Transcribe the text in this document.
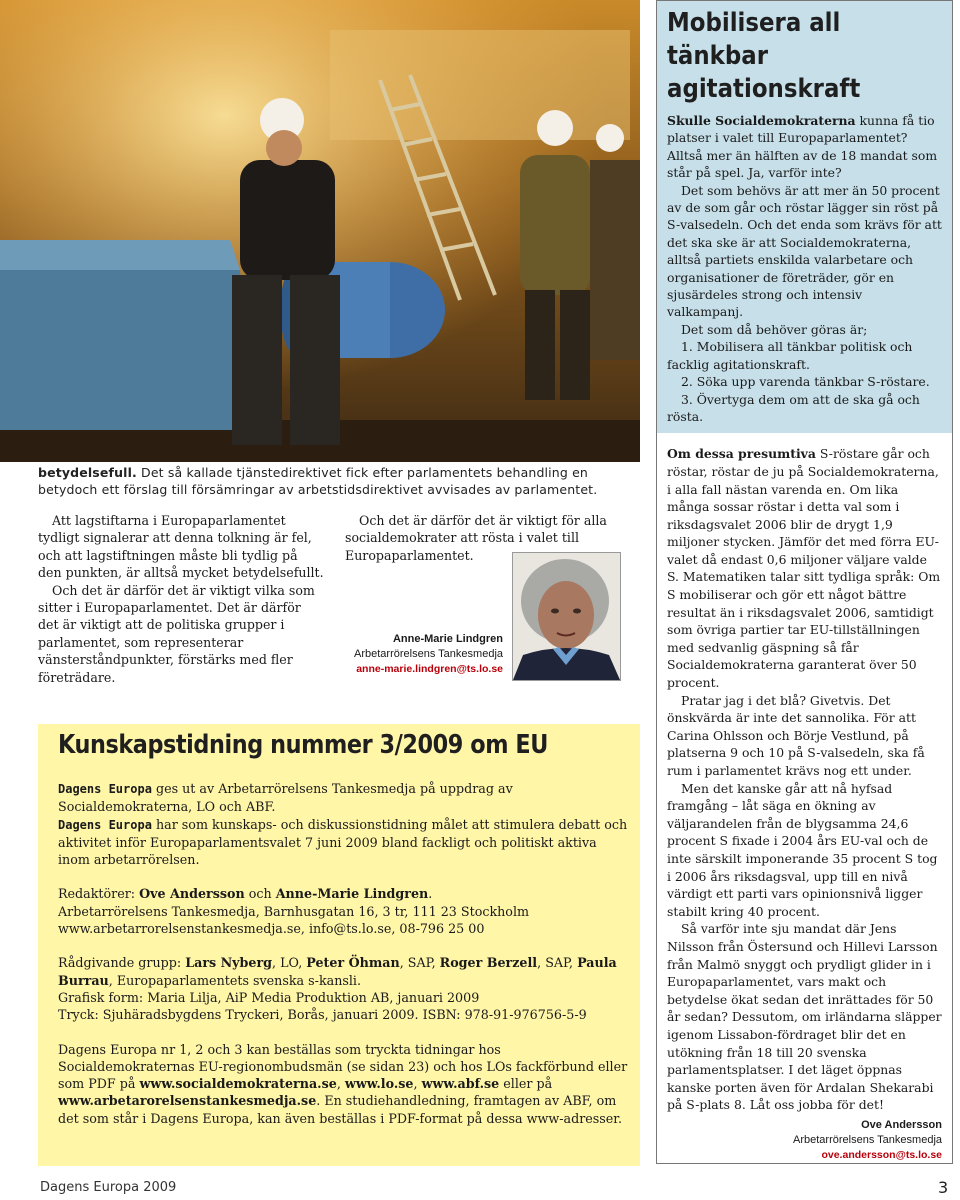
betydelsefull. Det så kallade tjänstedirektivet fick efter parlamentets behandling en betydoch ett förslag till försämringar av arbetstidsdirektivet avvisades av parlamentet.

Att lagstiftarna i Europaparlamentet tydligt signalerar att denna tolkning är fel, och att lagstiftningen måste bli tydlig på den punkten, är alltså mycket betydelsefullt.

Och det är därför det är viktigt vilka som sitter i Europaparlamentet. Det är därför det är viktigt att de politiska grupper i parlamentet, som representerar vänsterståndpunkter, förstärks med fler företrädare.

Och det är därför det är viktigt för alla socialdemokrater att rösta i valet till Europaparlamentet.

Anne-Marie Lindgren
Arbetarrörelsens Tankesmedja
anne-marie.lindgren@ts.lo.se
Kunskapstidning nummer 3/2009 om EU

Dagens Europa ges ut av Arbetarrörelsens Tankesmedja på uppdrag av Socialdemokraterna, LO och ABF.

Dagens Europa har som kunskaps- och diskussionstidning målet att stimulera debatt och aktivitet inför Europaparlamentsvalet 7 juni 2009 bland fackligt och politiskt aktiva inom arbetarrörelsen.

Redaktörer: Ove Andersson och Anne-Marie Lindgren.

Arbetarrörelsens Tankesmedja, Barnhusgatan 16, 3 tr, 111 23 Stockholm

www.arbetarrorelsenstankesmedja.se, info@ts.lo.se, 08-796 25 00

Rådgivande grupp: Lars Nyberg, LO, Peter Öhman, SAP, Roger Berzell, SAP, Paula Burrau, Europaparlamentets svenska s-kansli.

Grafisk form: Maria Lilja, AiP Media Produktion AB, januari 2009

Tryck: Sjuhäradsbygdens Tryckeri, Borås, januari 2009. ISBN: 978-91-976756-5-9

Dagens Europa nr 1, 2 och 3 kan beställas som tryckta tidningar hos Socialdemokraternas EU-regionombudsmän (se sidan 23) och hos LOs fackförbund eller som PDF på www.socialdemokraterna.se, www.lo.se, www.abf.se eller på www.arbetarorelsenstankesmedja.se. En studiehandledning, framtagen av ABF, om det som står i Dagens Europa, kan även beställas i PDF-format på dessa www-adresser.

Mobilisera all tänkbar agitationskraft

Skulle Socialdemokraterna kunna få tio platser i valet till Europaparlamentet? Alltså mer än hälften av de 18 mandat som står på spel. Ja, varför inte?

Det som behövs är att mer än 50 procent av de som går och röstar lägger sin röst på S-valsedeln. Och det enda som krävs för att det ska ske är att Socialdemokraterna, alltså partiets enskilda valarbetare och organisationer de företräder, gör en sjusärdeles strong och intensiv valkampanj.

Det som då behöver göras är;

1. Mobilisera all tänkbar politisk och facklig agitationskraft.

2. Söka upp varenda tänkbar S-röstare.

3. Övertyga dem om att de ska gå och rösta.

Om dessa presumtiva S-röstare går och röstar, röstar de ju på Socialdemokraterna, i alla fall nästan varenda en. Om lika många sossar röstar i detta val som i riksdagsvalet 2006 blir de drygt 1,9 miljoner stycken. Jämför det med förra EU-valet då endast 0,6 miljoner väljare valde S. Matematiken talar sitt tydliga språk: Om S mobiliserar och gör ett något bättre resultat än i riksdagsvalet 2006, samtidigt som övriga partier tar EU-tillställningen med sedvanlig gäspning så får Socialdemokraterna garanterat över 50 procent.

Pratar jag i det blå? Givetvis. Det önskvärda är inte det sannolika. För att Carina Ohlsson och Börje Vestlund, på platserna 9 och 10 på S-valsedeln, ska få rum i parlamentet krävs nog ett under.

Men det kanske går att nå hyfsad framgång – låt säga en ökning av väljarandelen från de blygsamma 24,6 procent S fixade i 2004 års EU-val och de inte särskilt imponerande 35 procent S tog i 2006 års riksdagsval, upp till en nivå värdigt ett parti vars opinionsnivå ligger stabilt kring 40 procent.

Så varför inte sju mandat där Jens Nilsson från Östersund och Hillevi Larsson från Malmö snyggt och prydligt glider in i Europaparlamentet, vars makt och betydelse ökat sedan det inrättades för 50 år sedan? Dessutom, om irländarna släpper igenom Lissabon-fördraget blir det en utökning från 18 till 20 svenska parlamentsplatser. I det läget öppnas kanske porten även för Ardalan Shekarabi på S-plats 8. Låt oss jobba för det!

Ove Andersson
Arbetarrörelsens Tankesmedja
ove.andersson@ts.lo.se
Dagens Europa 2009	3
